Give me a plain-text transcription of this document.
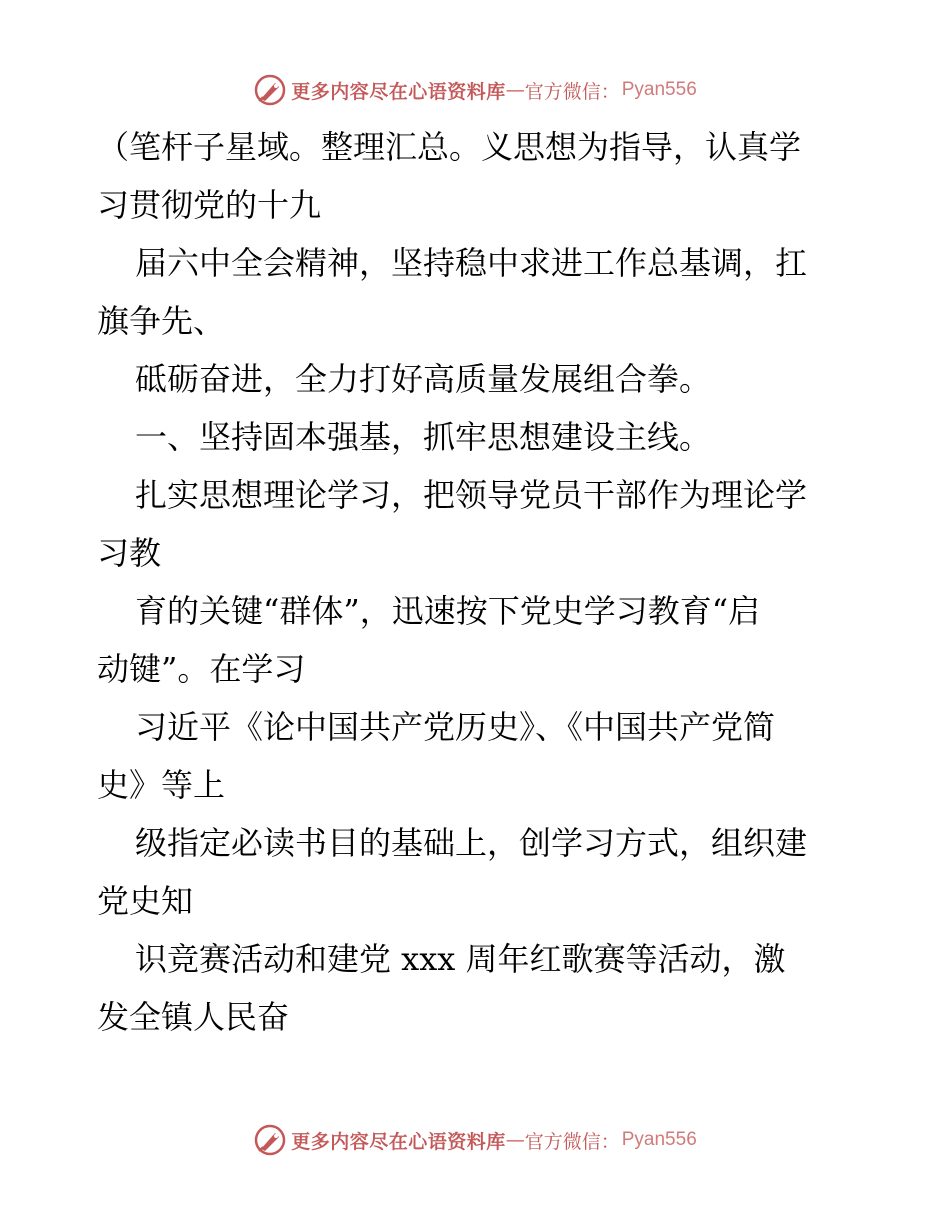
更多内容尽在心语资料库 — 官方微信： Pyan556
（笔杆子星域。整理汇总。义思想为指导，认真学
习贯彻党的十九
届六中全会精神，坚持稳中求进工作总基调，扛
旗争先、
砥砺奋进，全力打好高质量发展组合拳。
一、坚持固本强基，抓牢思想建设主线。
扎实思想理论学习，把领导党员干部作为理论学
习教
育的关键“群体”，迅速按下党史学习教育“启
动键”。在学习
习近平《论中国共产党历史》、《中国共产党简
史》等上
级指定必读书目的基础上，创学习方式，组织建
党史知
识竞赛活动和建党 xxx 周年红歌赛等活动，激
发全镇人民奋
更多内容尽在心语资料库 — 官方微信： Pyan556
